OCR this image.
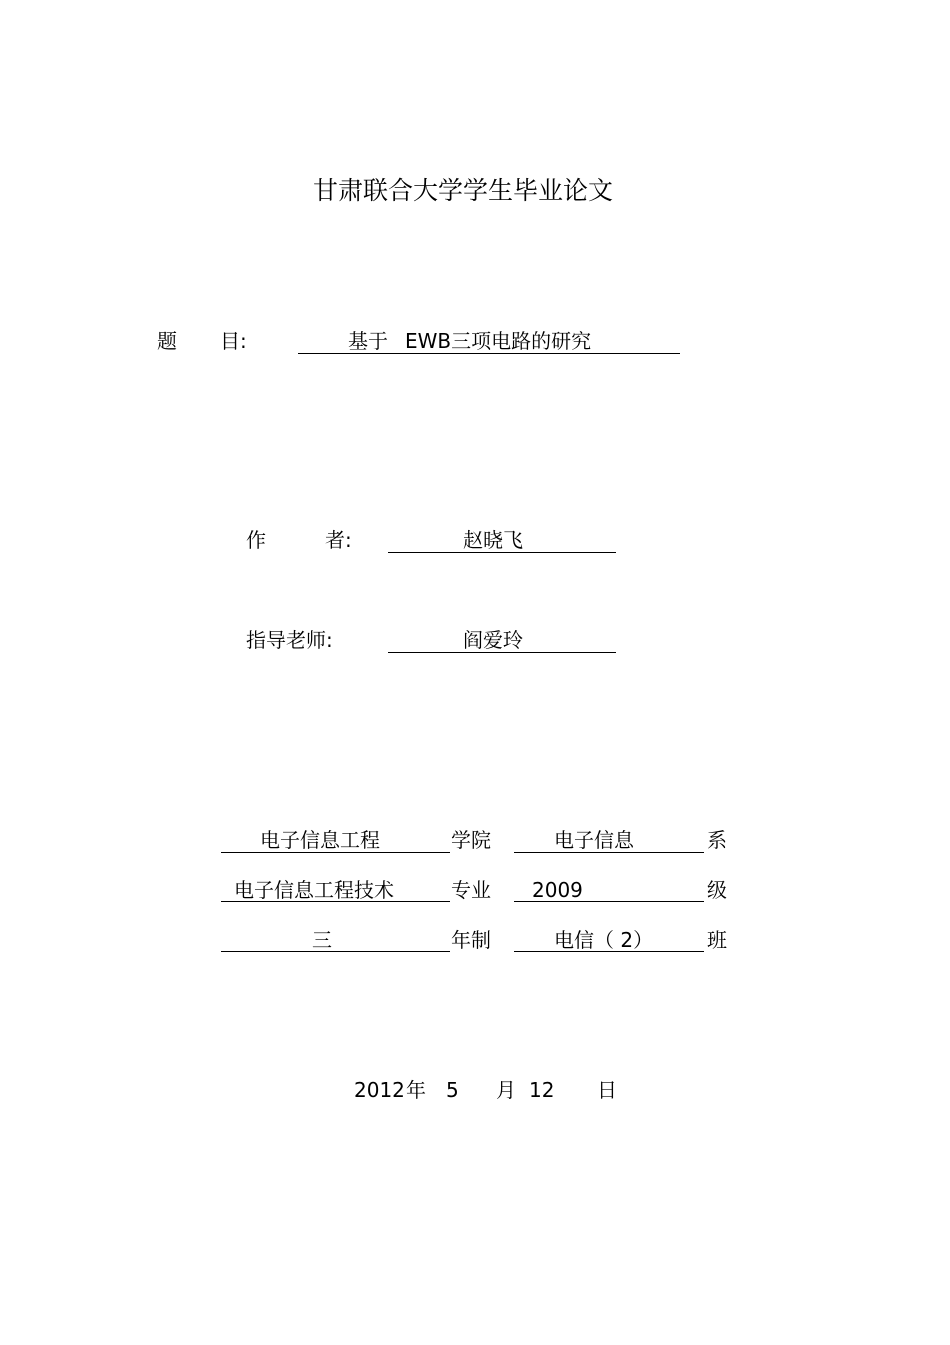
甘肃联合大学学生毕业论文
题 目:	基于 EWB三项电路的研究
作	者:	赵晓飞
指导老师:	阎爱玲
电子信息工程	学院	电子信息	系
电子信息工程技术	专业 2009	级
三	年制	电信（ 2）	班
2012 年 5 月 12 日
